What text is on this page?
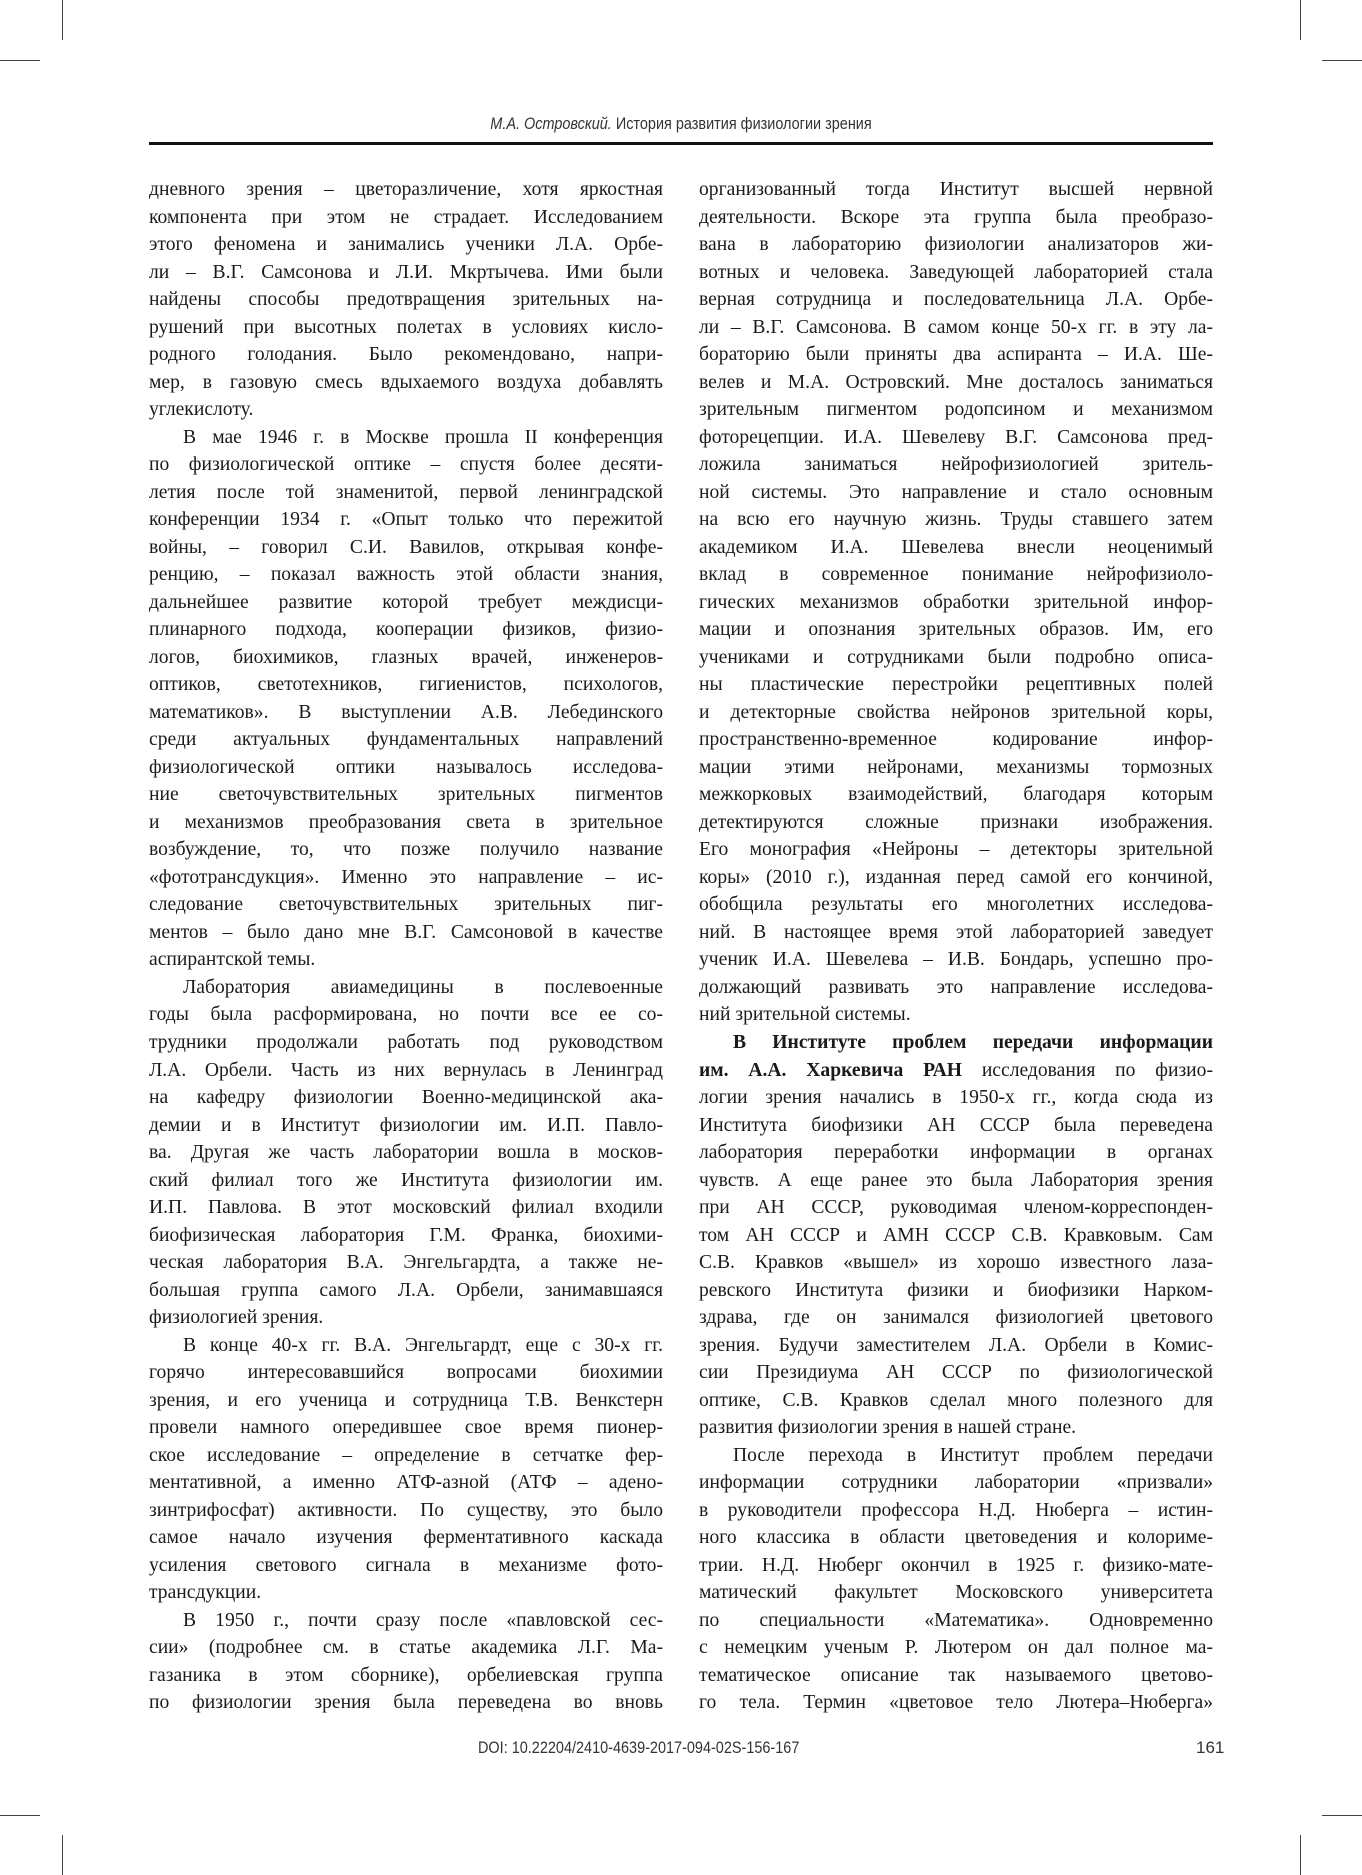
М.А. Островский. История развития физиологии зрения
дневного зрения – цветоразличение, хотя яркостная
компонента при этом не страдает. Исследованием
этого феномена и занимались ученики Л.А. Орбе-
ли – В.Г. Самсонова и Л.И. Мкртычева. Ими были
найдены способы предотвращения зрительных на-
рушений при высотных полетах в условиях кисло-
родного голодания. Было рекомендовано, напри-
мер, в газовую смесь вдыхаемого воздуха добавлять
углекислоту.
В мае 1946 г. в Москве прошла II конференция
по физиологической оптике – спустя более десяти-
летия после той знаменитой, первой ленинградской
конференции 1934 г. «Опыт только что пережитой
войны, – говорил С.И. Вавилов, открывая конфе-
ренцию, – показал важность этой области знания,
дальнейшее развитие которой требует междисци-
плинарного подхода, кооперации физиков, физио-
логов, биохимиков, глазных врачей, инженеров-
оптиков, светотехников, гигиенистов, психологов,
математиков». В выступлении А.В. Лебединского
среди актуальных фундаментальных направлений
физиологической оптики называлось исследова-
ние светочувствительных зрительных пигментов
и механизмов преобразования света в зрительное
возбуждение, то, что позже получило название
«фототрансдукция». Именно это направление – ис-
следование светочувствительных зрительных пиг-
ментов – было дано мне В.Г. Самсоновой в качестве
аспирантской темы.
Лаборатория авиамедицины в послевоенные
годы была расформирована, но почти все ее со-
трудники продолжали работать под руководством
Л.А. Орбели. Часть из них вернулась в Ленинград
на кафедру физиологии Военно-медицинской ака-
демии и в Институт физиологии им. И.П. Павло-
ва. Другая же часть лаборатории вошла в москов-
ский филиал того же Института физиологии им.
И.П. Павлова. В этот московский филиал входили
биофизическая лаборатория Г.М. Франка, биохими-
ческая лаборатория В.А. Энгельгардта, а также не-
большая группа самого Л.А. Орбели, занимавшаяся
физиологией зрения.
В конце 40-х гг. В.А. Энгельгардт, еще с 30-х гг.
горячо интересовавшийся вопросами биохимии
зрения, и его ученица и сотрудница Т.В. Венкстерн
провели намного опередившее свое время пионер-
ское исследование – определение в сетчатке фер-
ментативной, а именно АТФ-азной (АТФ – адено-
зинтрифосфат) активности. По существу, это было
самое начало изучения ферментативного каскада
усиления светового сигнала в механизме фото-
трансдукции.
В 1950 г., почти сразу после «павловской сес-
сии» (подробнее см. в статье академика Л.Г. Ма-
газаника в этом сборнике), орбелиевская группа
по физиологии зрения была переведена во вновь
организованный тогда Институт высшей нервной
деятельности. Вскоре эта группа была преобразо-
вана в лабораторию физиологии анализаторов жи-
вотных и человека. Заведующей лабораторией стала
верная сотрудница и последовательница Л.А. Орбе-
ли – В.Г. Самсонова. В самом конце 50-х гг. в эту ла-
бораторию были приняты два аспиранта – И.А. Ше-
велев и М.А. Островский. Мне досталось заниматься
зрительным пигментом родопсином и механизмом
фоторецепции. И.А. Шевелеву В.Г. Самсонова пред-
ложила заниматься нейрофизиологией зритель-
ной системы. Это направление и стало основным
на всю его научную жизнь. Труды ставшего затем
академиком И.А. Шевелева внесли неоценимый
вклад в современное понимание нейрофизиоло-
гических механизмов обработки зрительной инфор-
мации и опознания зрительных образов. Им, его
учениками и сотрудниками были подробно описа-
ны пластические перестройки рецептивных полей
и детекторные свойства нейронов зрительной коры,
пространственно-временное кодирование инфор-
мации этими нейронами, механизмы тормозных
межкорковых взаимодействий, благодаря которым
детектируются сложные признаки изображения.
Его монография «Нейроны – детекторы зрительной
коры» (2010 г.), изданная перед самой его кончиной,
обобщила результаты его многолетних исследова-
ний. В настоящее время этой лабораторией заведует
ученик И.А. Шевелева – И.В. Бондарь, успешно про-
должающий развивать это направление исследова-
ний зрительной системы.
В Институте проблем передачи информации
им. А.А. Харкевича РАН исследования по физио-
логии зрения начались в 1950-х гг., когда сюда из
Института биофизики АН СССР была переведена
лаборатория переработки информации в органах
чувств. А еще ранее это была Лаборатория зрения
при АН СССР, руководимая членом-корреспонден-
том АН СССР и АМН СССР С.В. Кравковым. Сам
С.В. Кравков «вышел» из хорошо известного лаза-
ревского Института физики и биофизики Нарком-
здрава, где он занимался физиологией цветового
зрения. Будучи заместителем Л.А. Орбели в Комис-
сии Президиума АН СССР по физиологической
оптике, С.В. Кравков сделал много полезного для
развития физиологии зрения в нашей стране.
После перехода в Институт проблем передачи
информации сотрудники лаборатории «призвали»
в руководители профессора Н.Д. Нюберга – истин-
ного классика в области цветоведения и колориме-
трии. Н.Д. Нюберг окончил в 1925 г. физико-мате-
матический факультет Московского университета
по специальности «Математика». Одновременно
с немецким ученым Р. Лютером он дал полное ма-
тематическое описание так называемого цветово-
го тела. Термин «цветовое тело Лютера–Нюберга»
DOI: 10.22204/2410-4639-2017-094-02S-156-167	161
